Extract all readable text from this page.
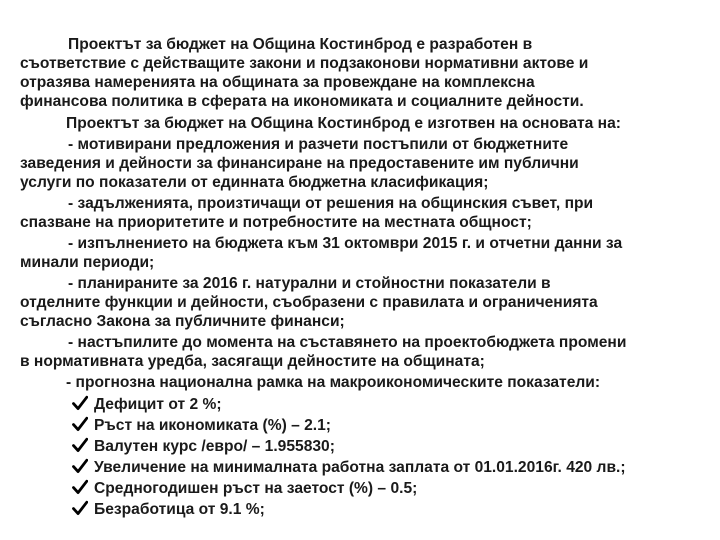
Проектът за бюджет на Община Костинброд е разработен в
съответствие с действащите закони и подзаконови нормативни актове и
отразява намеренията на общината за провеждане на комплексна
финансова политика в сферата на икономиката и социалните дейности.
Проектът за бюджет на Община Костинброд е изготвен на основата на:
- мотивирани предложения и разчети постъпили от бюджетните
заведения и дейности за финансиране на предоставените им публични
услуги по показатели от единната бюджетна класификация;
- задълженията, произтичащи от решения на общинския съвет, при
спазване на приоритетите и потребностите на местната общност;
- изпълнението на бюджета към 31 октомври 2015 г. и отчетни данни за
минали периоди;
- планираните за 2016 г. натурални и стойностни показатели в
отделните функции и дейности, съобразени с правилата и ограниченията
съгласно Закона за публичните финанси;
- настъпилите до момента на съставянето на проектобюджета промени
в нормативната уредба, засягащи дейностите на общината;
- прогнозна национална рамка на макроикономическите показатели:
Дефицит от 2 %;
Ръст на икономиката (%) – 2.1;
Валутен курс /евро/ – 1.955830;
Увеличение на минималната работна заплата от 01.01.2016г. 420 лв.;
Средногодишен ръст на заетост (%) – 0.5;
Безработица от 9.1 %;
